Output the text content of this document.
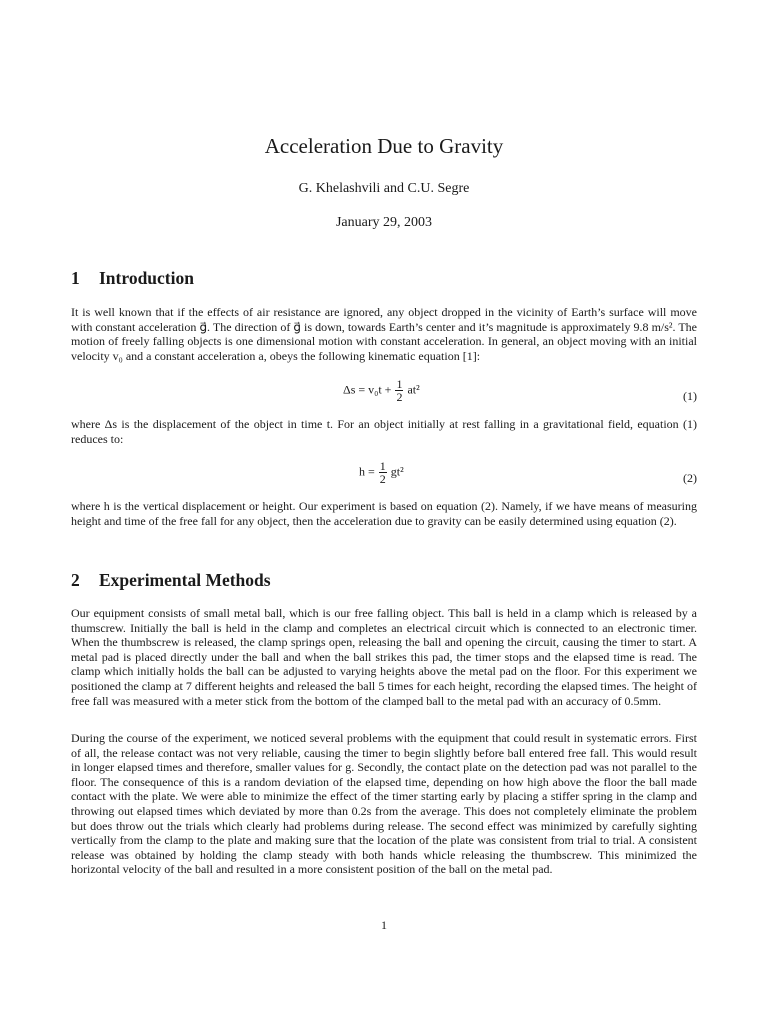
Acceleration Due to Gravity
G. Khelashvili and C.U. Segre
January 29, 2003
1 Introduction

It is well known that if the effects of air resistance are ignored, any object dropped in the vicinity of Earth’s surface will move with constant acceleration g⃗. The direction of g⃗ is down, towards Earth’s center and it’s magnitude is approximately 9.8 m/s². The motion of freely falling objects is one dimensional motion with constant acceleration. In general, an object moving with an initial velocity v₀ and a constant acceleration a, obeys the following kinematic equation [1]:

$\Delta s = v_0t + \frac{1}{2} at^2$	(1)

where Δs is the displacement of the object in time t. For an object initially at rest falling in a gravitational field, equation (1) reduces to:

$h = \frac{1}{2} gt^2$	(2)

where h is the vertical displacement or height. Our experiment is based on equation (2). Namely, if we have means of measuring height and time of the free fall for any object, then the acceleration due to gravity can be easily determined using equation (2).

2 Experimental Methods

Our equipment consists of small metal ball, which is our free falling object. This ball is held in a clamp which is released by a thumscrew. Initially the ball is held in the clamp and completes an electrical circuit which is connected to an electronic timer. When the thumbscrew is released, the clamp springs open, releasing the ball and opening the circuit, causing the timer to start. A metal pad is placed directly under the ball and when the ball strikes this pad, the timer stops and the elapsed time is read. The clamp which initially holds the ball can be adjusted to varying heights above the metal pad on the floor. For this experiment we positioned the clamp at 7 different heights and released the ball 5 times for each height, recording the elapsed times. The height of free fall was measured with a meter stick from the bottom of the clamped ball to the metal pad with an accuracy of 0.5mm.

During the course of the experiment, we noticed several problems with the equipment that could result in systematic errors. First of all, the release contact was not very reliable, causing the timer to begin slightly before ball entered free fall. This would result in longer elapsed times and therefore, smaller values for g. Secondly, the contact plate on the detection pad was not parallel to the floor. The consequence of this is a random deviation of the elapsed time, depending on how high above the floor the ball made contact with the plate. We were able to minimize the effect of the timer starting early by placing a stiffer spring in the clamp and throwing out elapsed times which deviated by more than 0.2s from the average. This does not completely eliminate the problem but does throw out the trials which clearly had problems during release. The second effect was minimized by carefully sighting vertically from the clamp to the plate and making sure that the location of the plate was consistent from trial to trial. A consistent release was obtained by holding the clamp steady with both hands whicle releasing the thumbscrew. This minimized the horizontal velocity of the ball and resulted in a more consistent position of the ball on the metal pad.

1
